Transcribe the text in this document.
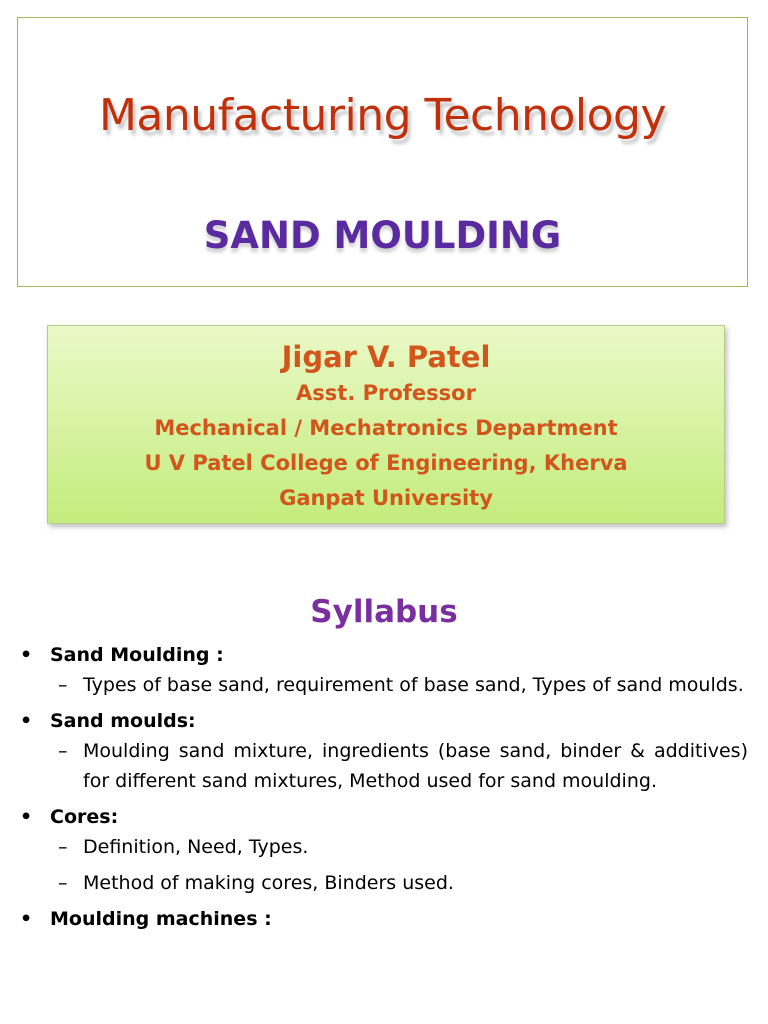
Manufacturing Technology
SAND MOULDING
Jigar V. Patel
Asst. Professor
Mechanical / Mechatronics Department
U V Patel College of Engineering, Kherva
Ganpat University
Syllabus
• Sand Moulding :
– Types of base sand, requirement of base sand, Types of sand moulds.
• Sand moulds:
– Moulding sand mixture, ingredients (base sand, binder & additives) for different sand mixtures, Method used for sand moulding.
• Cores:
– Definition, Need, Types.
– Method of making cores, Binders used.
• Moulding machines :
